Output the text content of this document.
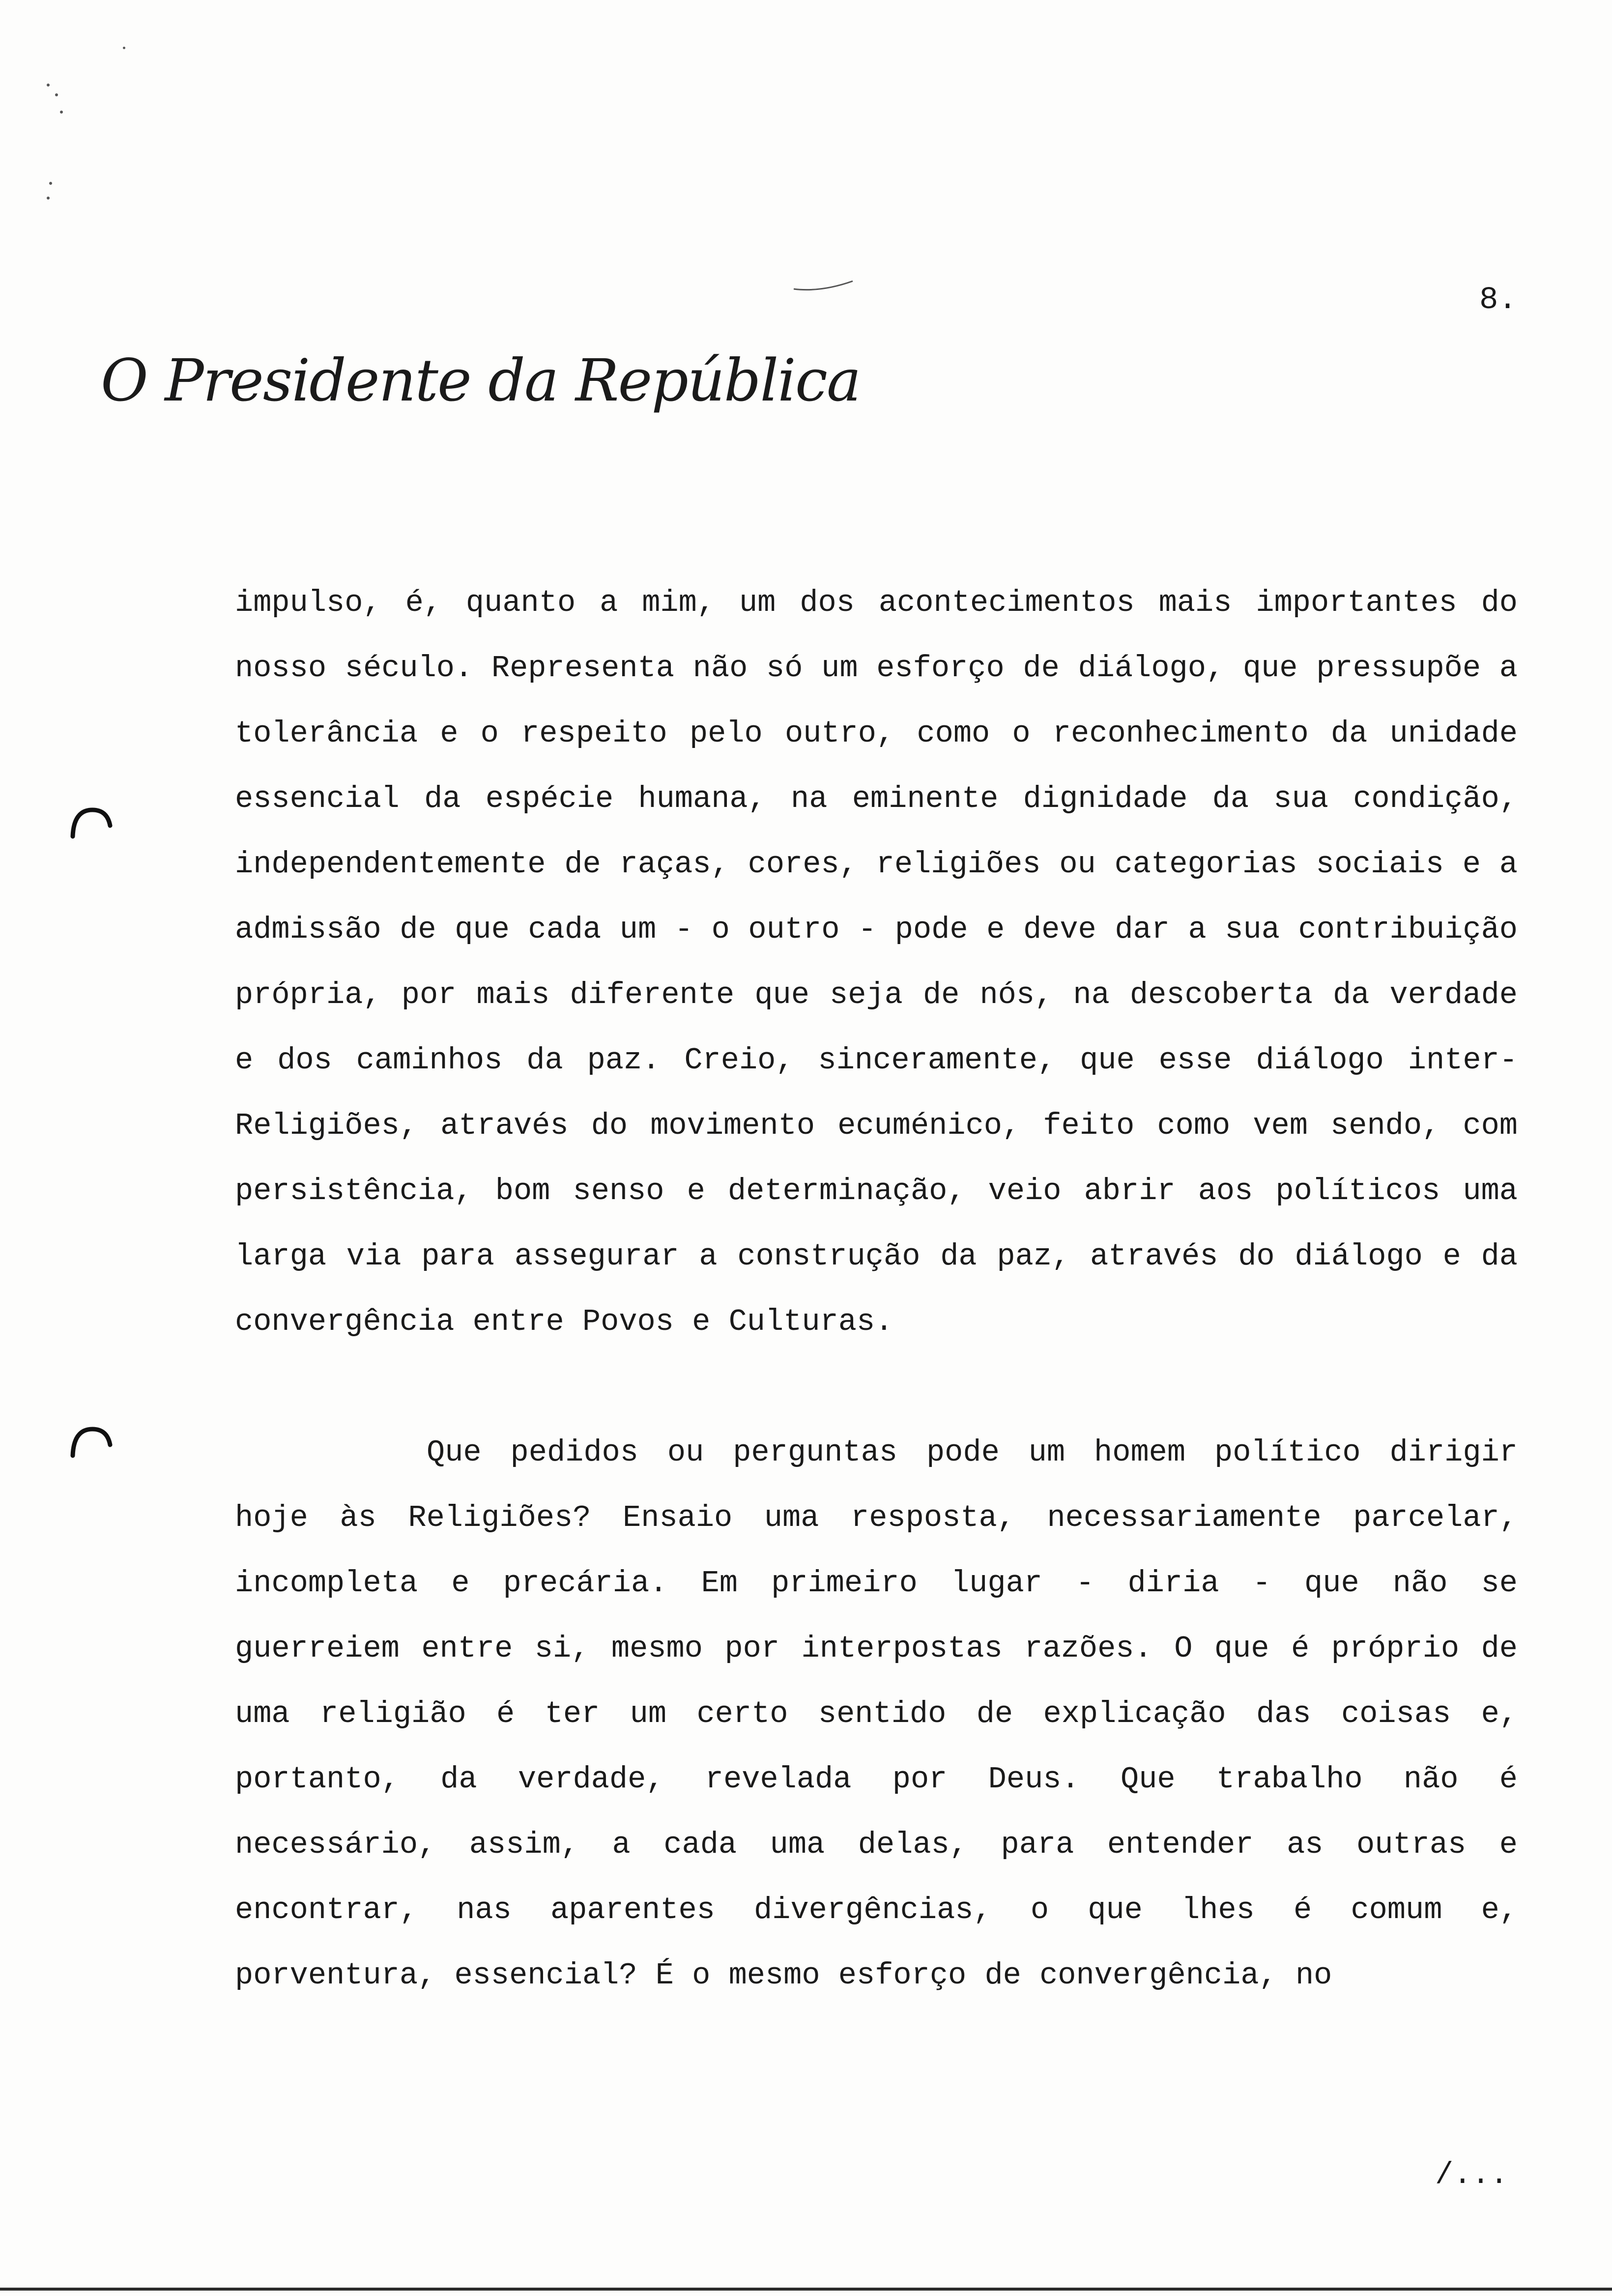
8.
O Presidente da República

impulso, é, quanto a mim, um dos acontecimentos mais importantes do nosso século. Representa não só um esforço de diálogo, que pressupõe a tolerância e o respeito pelo outro, como o reconhecimento da unidade essencial da espécie humana, na eminente dignidade da sua condição, independentemente de raças, cores, religiões ou categorias sociais e a admissão de que cada um - o outro - pode e deve dar a sua contribuição própria, por mais diferente que seja de nós, na descoberta da verdade e dos caminhos da paz. Creio, sinceramente, que esse diálogo inter-Religiões, através do movimento ecuménico, feito como vem sendo, com persistência, bom senso e determinação, veio abrir aos políticos uma larga via para assegurar a construção da paz, através do diálogo e da convergência entre Povos e Culturas.

Que pedidos ou perguntas pode um homem político dirigir hoje às Religiões? Ensaio uma resposta, necessariamente parcelar, incompleta e precária. Em primeiro lugar - diria - que não se guerreiem entre si, mesmo por interpostas razões. O que é próprio de uma religião é ter um certo sentido de explicação das coisas e, portanto, da verdade, revelada por Deus. Que trabalho não é necessário, assim, a cada uma delas, para entender as outras e encontrar, nas aparentes divergências, o que lhes é comum e, porventura, essencial? É o mesmo esforço de convergência, no

/...
